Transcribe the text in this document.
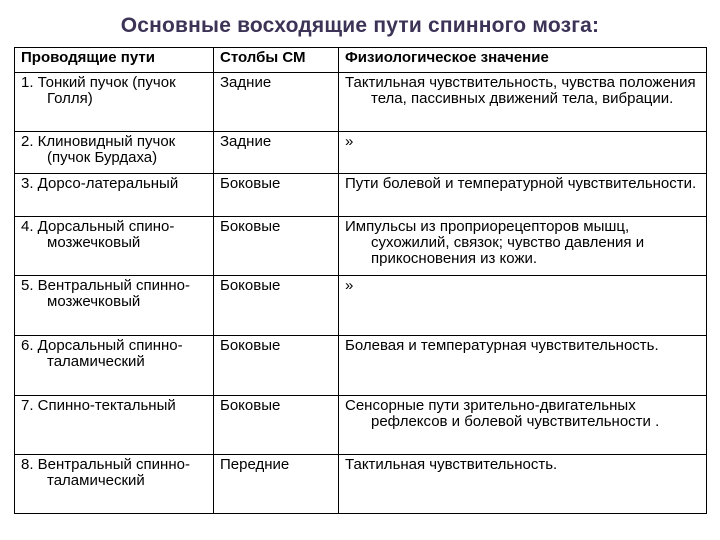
Основные восходящие пути спинного мозга:
Проводящие пути	Столбы СМ	Физиологическое значение

1. Тонкий пучок (пучок Голля)	Задние	Тактильная чувствительность, чувства положения тела, пассивных движений тела, вибрации.

2. Клиновидный пучок (пучок Бурдаха)	Задние	»

3. Дорсо-латеральный	Боковые	Пути болевой и температурной чувствительности.

4. Дорсальный спино-мозжечковый	Боковые	Импульсы из проприорецепторов мышц, сухожилий, связок; чувство давления и прикосновения из кожи.

5. Вентральный спинно-мозжечковый	Боковые	»

6. Дорсальный спинно-таламический	Боковые	Болевая и температурная чувствительность.

7. Спинно-тектальный	Боковые	Сенсорные пути зрительно-двигательных рефлексов и болевой чувствительности .

8. Вентральный спинно-таламический	Передние	Тактильная чувствительность.
